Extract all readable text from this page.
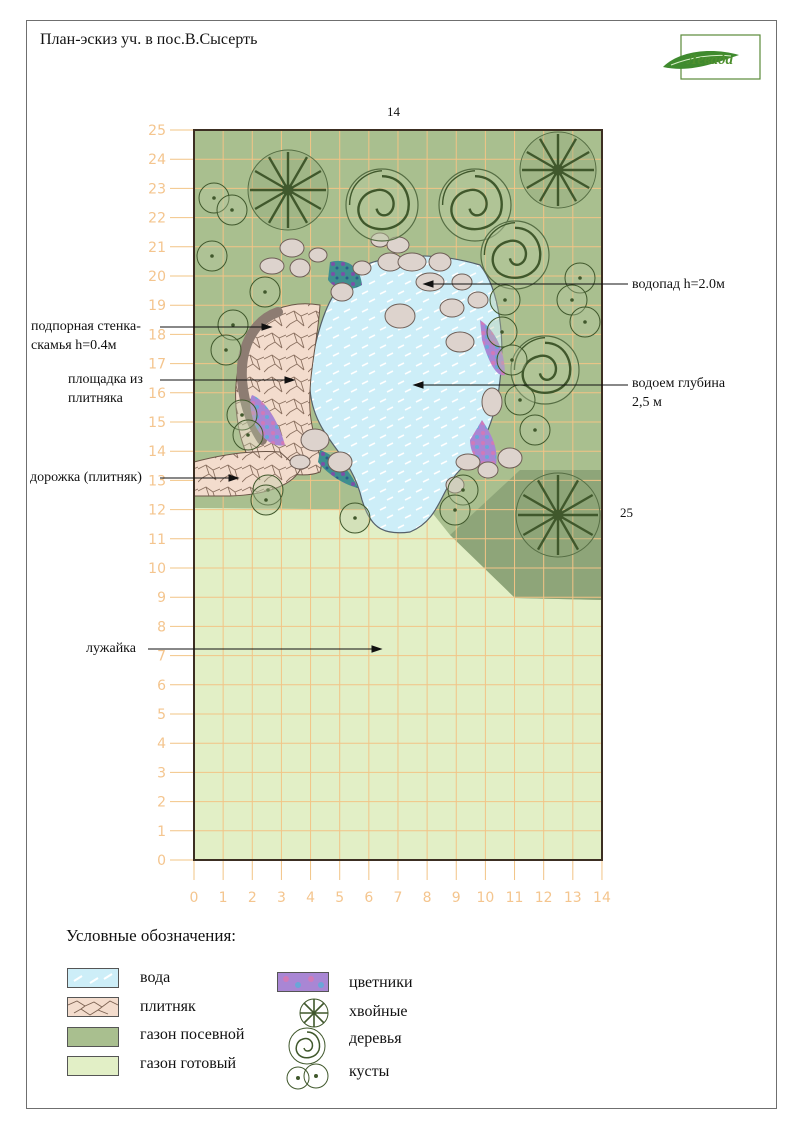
План-эскиз уч. в пос.В.Сысерть
Левада
14
25
0 1 2 3 4 5 6 7 8 9 10 11 12 13 14
0
1
2
3
4
5
6
7
8
9
10
11
12
13
14
15
16
17
18
19
20
21
22
23
24
25
водопад h=2.0м
подпорная стенка-
скамья h=0.4м
площадка из
плитняка
водоем глубина
2,5 м
дорожка (плитняк)
лужайка
Условные обозначения:
вода
плитняк
газон посевной
газон готовый
цветники
хвойные
деревья
кусты
